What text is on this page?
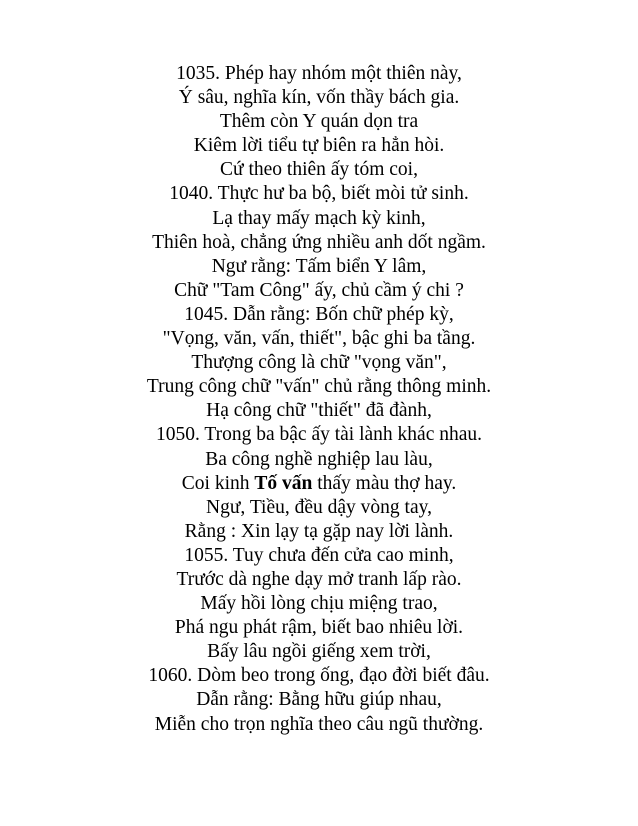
1035. Phép hay nhóm một thiên này,

Ý sâu, nghĩa kín, vốn thầy bách gia.

Thêm còn Y quán dọn tra

Kiêm lời tiểu tự biên ra hẳn hòi.

Cứ theo thiên ấy tóm coi,

1040. Thực hư ba bộ, biết mòi tử sinh.

Lạ thay mấy mạch kỳ kinh,

Thiên hoà, chẳng ứng nhiều anh dốt ngầm.

Ngư rằng: Tấm biển Y lâm,

Chữ "Tam Công" ấy, chủ cầm ý chi ?

1045. Dẫn rằng: Bốn chữ phép kỳ,

"Vọng, văn, vấn, thiết", bậc ghi ba tầng.

Thượng công là chữ "vọng văn",

Trung công chữ "vấn" chủ rằng thông minh.

Hạ công chữ "thiết" đã đành,

1050. Trong ba bậc ấy tài lành khác nhau.

Ba công nghề nghiệp lau làu,

Coi kinh Tố vấn thấy màu thợ hay.

Ngư, Tiều, đều dậy vòng tay,

Rằng : Xin lạy tạ gặp nay lời lành.

1055. Tuy chưa đến cửa cao minh,

Trước dà nghe dạy mở tranh lấp rào.

Mấy hồi lòng chịu miệng trao,

Phá ngu phát rậm, biết bao nhiêu lời.

Bấy lâu ngồi giếng xem trời,

1060. Dòm beo trong ống, đạo đời biết đâu.

Dẫn rằng: Bằng hữu giúp nhau,

Miễn cho trọn nghĩa theo câu ngũ thường.
